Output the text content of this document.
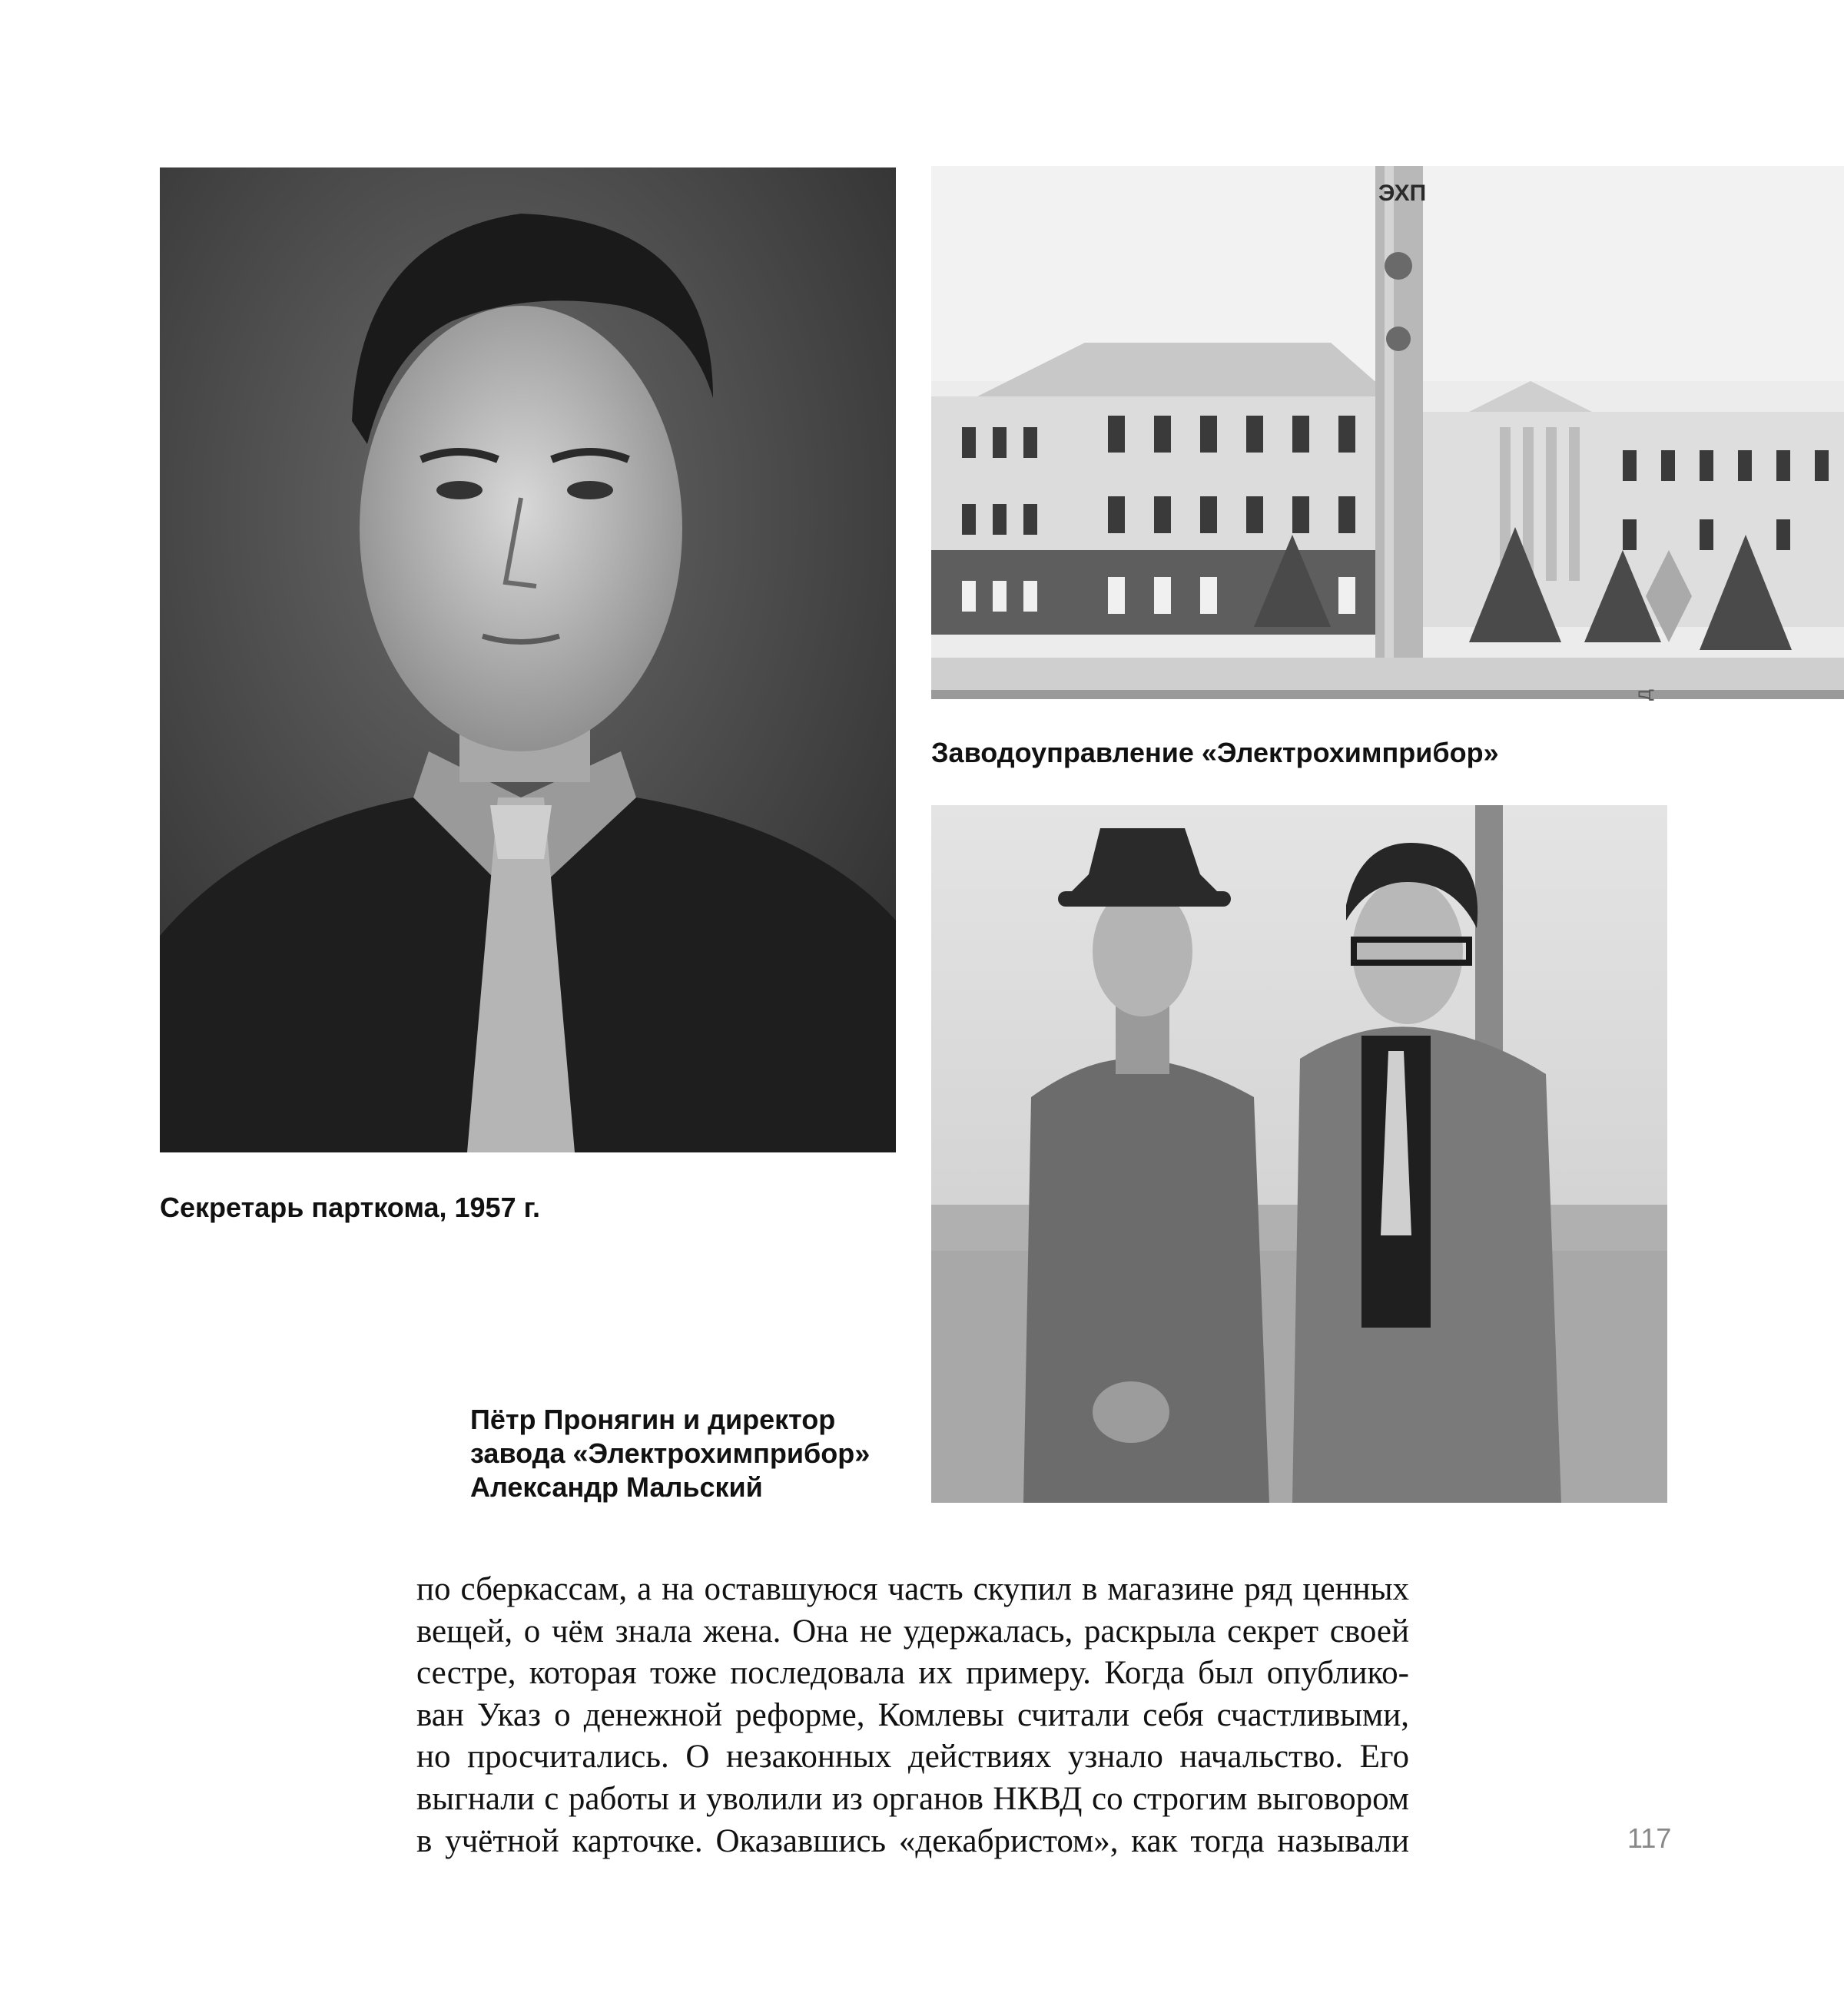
ЭХП
Д

Заводоуправление «Электрохимприбор»

Секретарь парткома, 1957 г.

Пётр Пронягин и директор
завода «Электрохимприбор»
Александр Мальский
по сберкассам, а на оставшуюся часть скупил в магазине ряд ценных
вещей, о чём знала жена. Она не удержалась, раскрыла секрет своей
сестре, которая тоже последовала их примеру. Когда был опублико-
ван Указ о денежной реформе, Комлевы считали себя счастливыми,
но просчитались. О незаконных действиях узнало начальство. Его
выгнали с работы и уволили из органов НКВД со строгим выговором
в учётной карточке. Оказавшись «декабристом», как тогда называли	117
